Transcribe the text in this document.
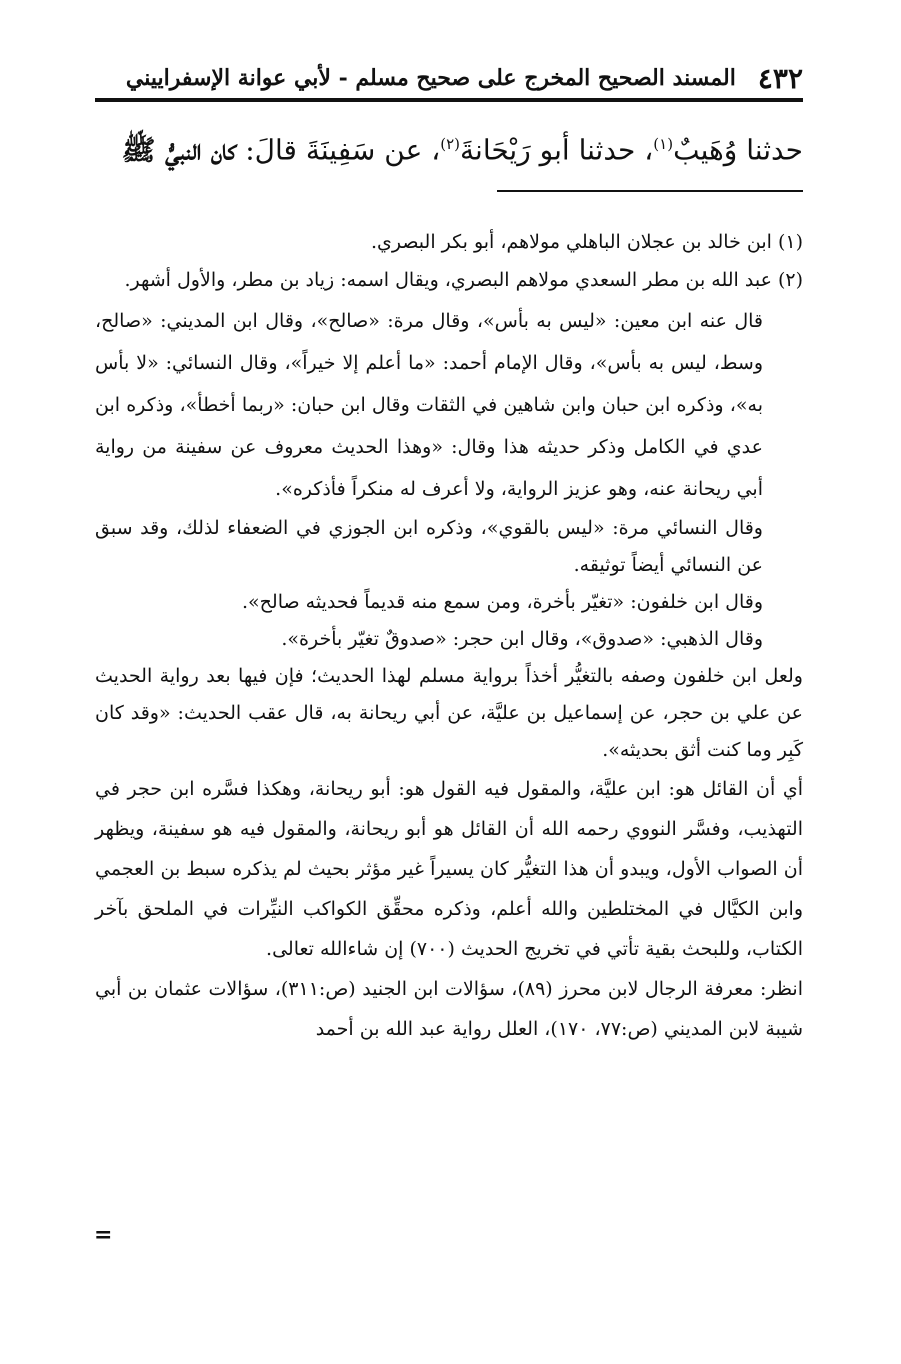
٤٣٢
المسند الصحيح المخرج على صحيح مسلم - لأبي عوانة الإسفراييني
حدثنا وُهَيبٌ$^{(١)}$، حدثنا أبو رَيْحَانةَ$^{(٢)}$، عن سَفِينَةَ قالَ: كان النبيُّ ﷺ

(١) ابن خالد بن عجلان الباهلي مولاهم، أبو بكر البصري.

(٢) عبد الله بن مطر السعدي مولاهم البصري، ويقال اسمه: زياد بن مطر، والأول أشهر.

قال عنه ابن معين: «ليس به بأس»، وقال مرة: «صالح»، وقال ابن المديني: «صالح، وسط، ليس به بأس»، وقال الإمام أحمد: «ما أعلم إلا خيراً»، وقال النسائي: «لا بأس به»، وذكره ابن حبان وابن شاهين في الثقات وقال ابن حبان: «ربما أخطأ»، وذكره ابن عدي في الكامل وذكر حديثه هذا وقال: «وهذا الحديث معروف عن سفينة من رواية أبي ريحانة عنه، وهو عزيز الرواية، ولا أعرف له منكراً فأذكره».

وقال النسائي مرة: «ليس بالقوي»، وذكره ابن الجوزي في الضعفاء لذلك، وقد سبق عن النسائي أيضاً توثيقه.

وقال ابن خلفون: «تغيّر بأخرة، ومن سمع منه قديماً فحديثه صالح».

وقال الذهبي: «صدوق»، وقال ابن حجر: «صدوقٌ تغيّر بأخرة».

ولعل ابن خلفون وصفه بالتغيُّر أخذاً برواية مسلم لهذا الحديث؛ فإن فيها بعد رواية الحديث عن علي بن حجر، عن إسماعيل بن عليَّة، عن أبي ريحانة به، قال عقب الحديث: «وقد كان كَبِر وما كنت أثق بحديثه».

أي أن القائل هو: ابن عليَّة، والمقول فيه القول هو: أبو ريحانة، وهكذا فسَّره ابن حجر في التهذيب، وفسَّر النووي رحمه الله أن القائل هو أبو ريحانة، والمقول فيه هو سفينة، ويظهر أن الصواب الأول، ويبدو أن هذا التغيُّر كان يسيراً غير مؤثر بحيث لم يذكره سبط بن العجمي وابن الكيَّال في المختلطين والله أعلم، وذكره محقِّق الكواكب النيِّرات في الملحق بآخر الكتاب، وللبحث بقية تأتي في تخريج الحديث (٧٠٠) إن شاءالله تعالى.

انظر: معرفة الرجال لابن محرز (٨٩)، سؤالات ابن الجنيد (ص:٣١١)، سؤالات عثمان بن أبي شيبة لابن المديني (ص:٧٧، ١٧٠)، العلل رواية عبد الله بن أحمد

=
